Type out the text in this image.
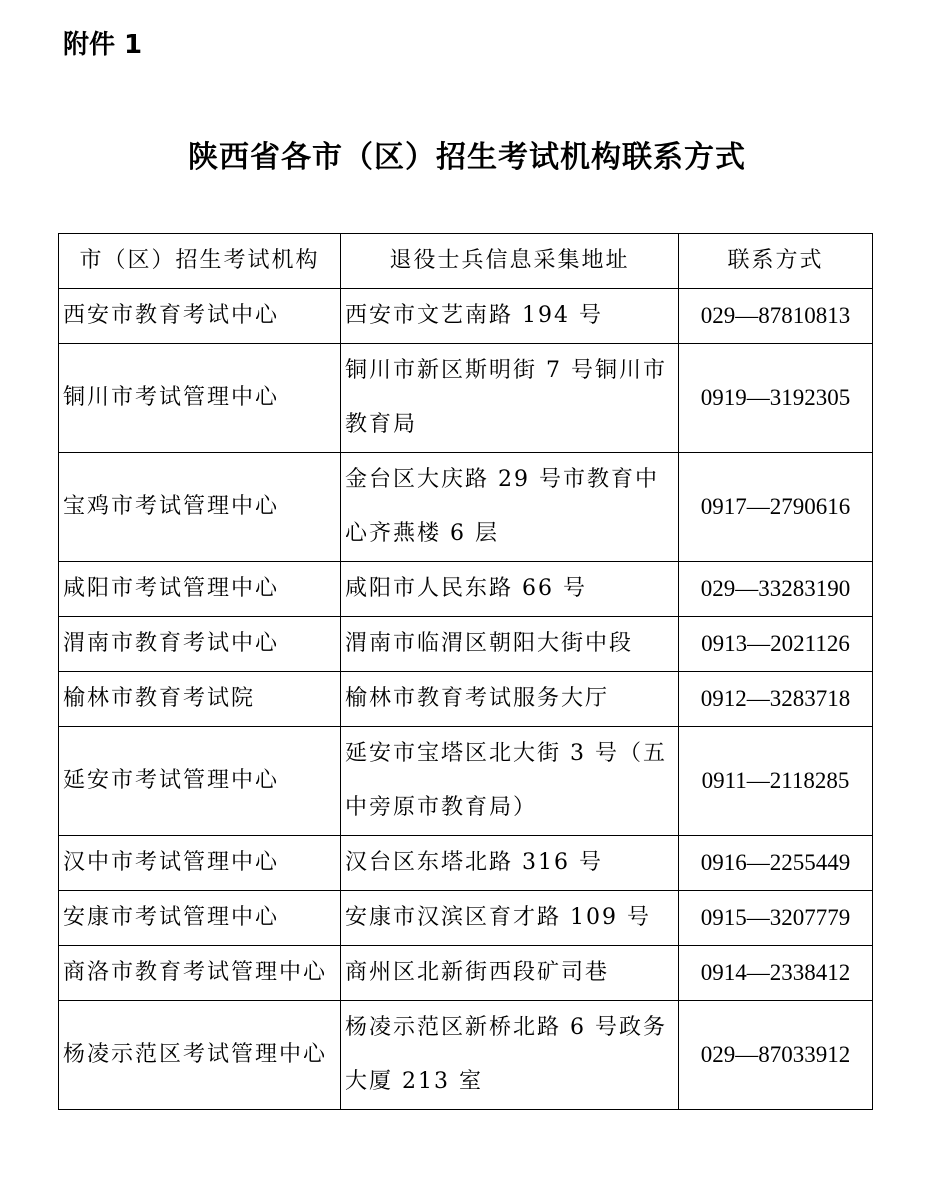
附件 1

陕西省各市（区）招生考试机构联系方式
市（区）招生考试机构	退役士兵信息采集地址	联系方式
西安市教育考试中心	西安市文艺南路 194 号	029—87810813
铜川市考试管理中心	铜川市新区斯明街 7 号铜川市教育局	0919—3192305
宝鸡市考试管理中心	金台区大庆路 29 号市教育中心齐燕楼 6 层	0917—2790616
咸阳市考试管理中心	咸阳市人民东路 66 号	029—33283190
渭南市教育考试中心	渭南市临渭区朝阳大街中段	0913—2021126
榆林市教育考试院	榆林市教育考试服务大厅	0912—3283718
延安市考试管理中心	延安市宝塔区北大街 3 号（五中旁原市教育局）	0911—2118285
汉中市考试管理中心	汉台区东塔北路 316 号	0916—2255449
安康市考试管理中心	安康市汉滨区育才路 109 号	0915—3207779
商洛市教育考试管理中心	商州区北新街西段矿司巷	0914—2338412
杨凌示范区考试管理中心	杨凌示范区新桥北路 6 号政务大厦 213 室	029—87033912
